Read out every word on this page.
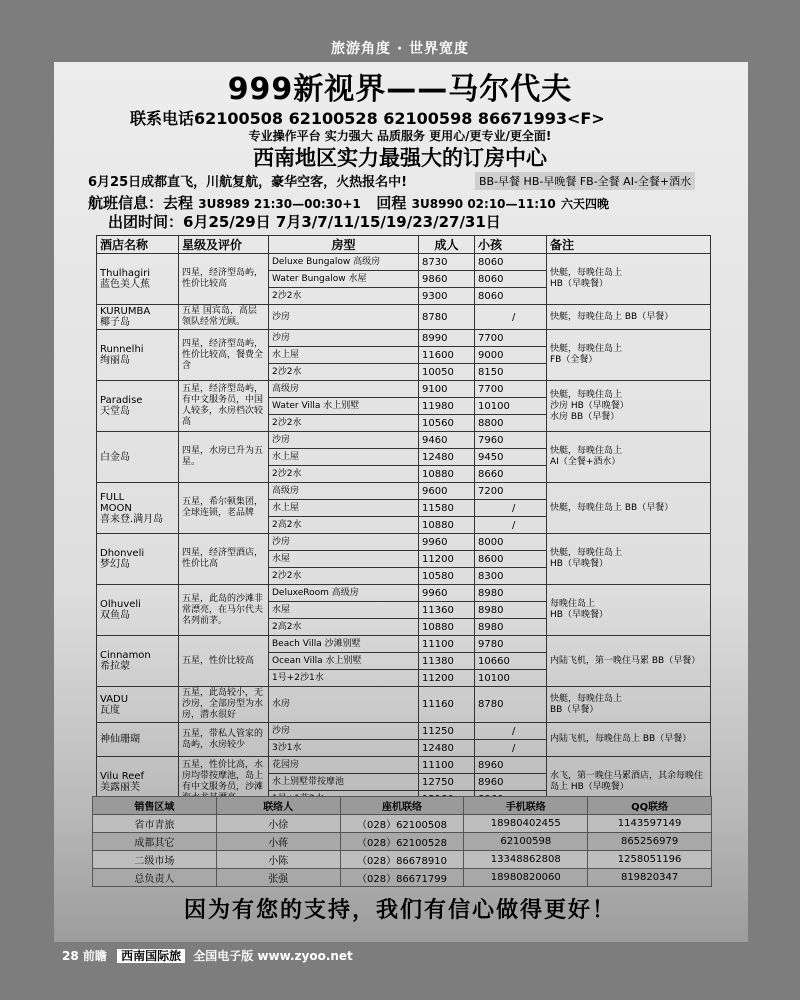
旅游角度 · 世界宽度
999新视界——马尔代夫
联系电话62100508 62100528 62100598 86671993<F>
专业操作平台 实力强大 品质服务 更用心/更专业/更全面!
西南地区实力最强大的订房中心
6月25日成都直飞，川航复航，豪华空客，火热报名中!	BB-早餐 HB-早晚餐 FB-全餐 AI-全餐+酒水
航班信息：去程 3U8989 21:30—00:30+1 回程 3U8990 02:10—11:10 六天四晚
出团时间：6月25/29日 7月3/7/11/15/19/23/27/31日
酒店名称	星级及评价	房型	成人	小孩	备注
Thulhagiri
蓝色美人蕉	四星，经济型岛屿，性价比较高	Deluxe Bungalow 高级房	8730	8060	快艇，每晚住岛上
HB（早晚餐）
		Water Bungalow 水屋	9860	8060	
		2沙2水	9300	8060	
KURUMBA
椰子岛	五星 国宾岛，高层领队经常光顾。	沙房	8780	/	快艇，每晚住岛上 BB（早餐）
Runnelhi
绚丽岛	四星，经济型岛屿，性价比较高，餐费全含	沙房	8990	7700	快艇，每晚住岛上
FB（全餐）
		水上屋	11600	9000	
		2沙2水	10050	8150	
Paradise
天堂岛	五星，经济型岛屿，有中文服务员，中国人较多，水房档次较高	高级房	9100	7700	快艇，每晚住岛上
沙房 HB（早晚餐）
水房 BB（早餐）
		Water Villa 水上别墅	11980	10100	
		2沙2水	10560	8800	
白金岛	四星，水房已升为五星。	沙房	9460	7960	快艇，每晚住岛上
AI（全餐+酒水）
		水上屋	12480	9450	
		2沙2水	10880	8660	
FULL
MOON
喜来登.满月岛	五星，希尔顿集团，全球连锁，老品牌	高级房	9600	7200	快艇，每晚住岛上 BB（早餐）
		水上屋	11580	/	
		2高2水	10880	/	
Dhonveli
梦幻岛	四星，经济型酒店，性价比高	沙房	9960	8000	快艇，每晚住岛上
HB（早晚餐）
		水屋	11200	8600	
		2沙2水	10580	8300	
Olhuveli
双鱼岛	五星，此岛的沙滩非常漂亮，在马尔代夫名列前茅。	DeluxeRoom 高级房	9960	8980	每晚住岛上
HB（早晚餐）
		水屋	11360	8980	
		2高2水	10880	8980	
Cinnamon
希拉蒙	五星，性价比较高	Beach Villa 沙滩别墅	11100	9780	内陆飞机，第一晚住马累 BB（早餐）
		Ocean Villa 水上别墅	11380	10660	
		1号+2沙1水	11200	10100	
VADU
瓦度	五星，此岛较小，无沙房，全部房型为水房，潜水很好	水房	11160	8780	快艇，每晚住岛上
BB（早餐）
神仙珊瑚	五星，带私人管家的岛屿，水房较少	沙房	11250	/	内陆飞机，每晚住岛上 BB（早餐）
		3沙1水	12480	/	
Vilu Reef
美露丽芙	五星，性价比高，水房均带按摩池，岛上有中文服务员，沙滩	花园房	11100	8960	水飞，第一晚住马累酒店，其余每晚住岛上 HB（早晚餐）
		水上别墅带按摩池	12750	8960	

销售区域	联络人	座机联络	手机联络	QQ联络
省市青旅	小徐	（028）62100508	18980402455	1143597149
成都其它	小蒋	（028）62100528	62100598	865256979
二级市场	小陈	（028）86678910	13348862808	1258051196
总负责人	张强	（028）86671799	18980820060	819820347
因为有您的支持，我们有信心做得更好！
28 前瞻 西南国际旅 全国电子版 www.zyoo.net
